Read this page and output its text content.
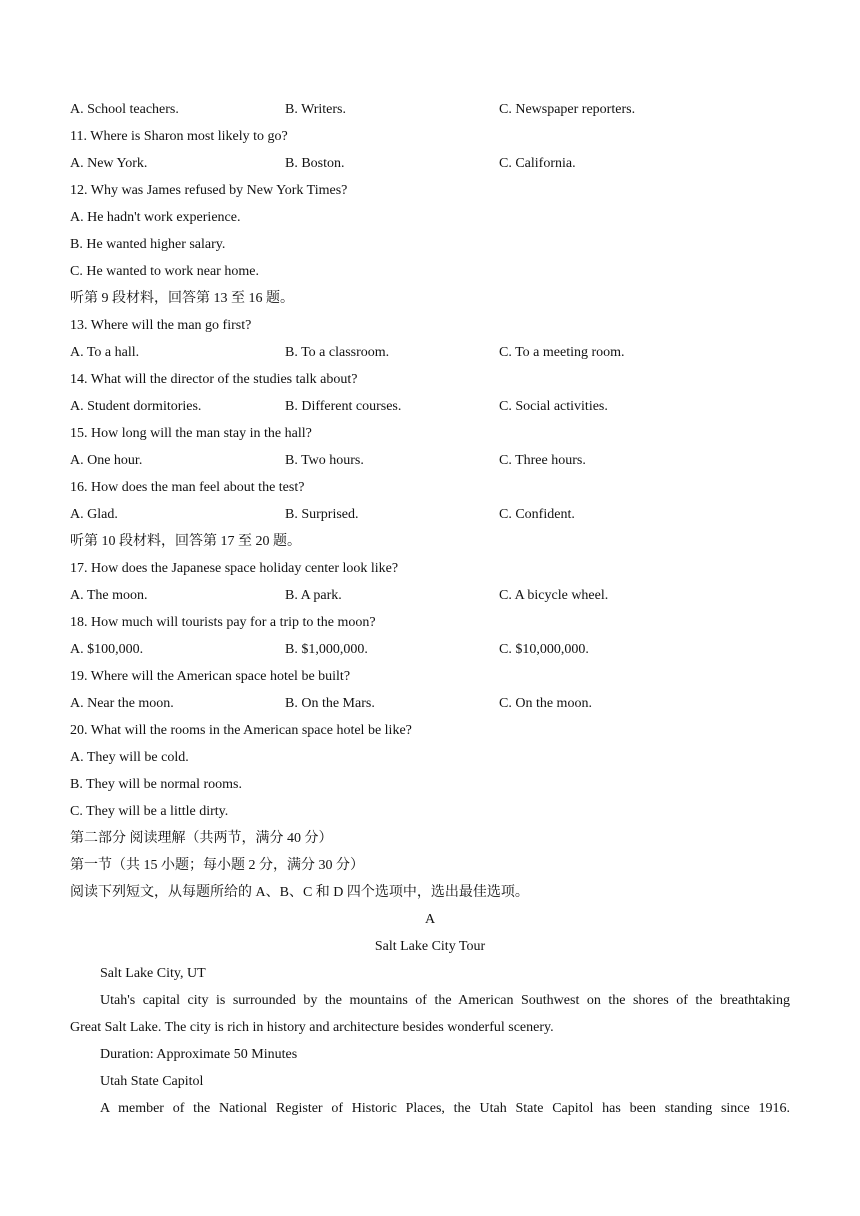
A. School teachers.	B. Writers.	C. Newspaper reporters.
11. Where is Sharon most likely to go?
A. New York.	B. Boston.	C. California.
12. Why was James refused by New York Times?
A. He hadn't work experience.
B. He wanted higher salary.
C. He wanted to work near home.
听第 9 段材料，回答第 13 至 16 题。
13. Where will the man go first?
A. To a hall.	B. To a classroom.	C. To a meeting room.
14. What will the director of the studies talk about?
A. Student dormitories.	B. Different courses.	C. Social activities.
15. How long will the man stay in the hall?
A. One hour.	B. Two hours.	C. Three hours.
16. How does the man feel about the test?
A. Glad.	B. Surprised.	C. Confident.
听第 10 段材料，回答第 17 至 20 题。
17. How does the Japanese space holiday center look like?
A. The moon.	B. A park.	C. A bicycle wheel.
18. How much will tourists pay for a trip to the moon?
A. $100,000.	B. $1,000,000.	C. $10,000,000.
19. Where will the American space hotel be built?
A. Near the moon.	B. On the Mars.	C. On the moon.
20. What will the rooms in the American space hotel be like?
A. They will be cold.
B. They will be normal rooms.
C. They will be a little dirty.
第二部分 阅读理解（共两节，满分 40 分）
第一节（共 15 小题；每小题 2 分，满分 30 分）
阅读下列短文，从每题所给的 A、B、C 和 D 四个选项中，选出最佳选项。
A
Salt Lake City Tour
Salt Lake City, UT
Utah's capital city is surrounded by the mountains of the American Southwest on the shores of the breathtaking
Great Salt Lake. The city is rich in history and architecture besides wonderful scenery.
Duration: Approximate 50 Minutes
Utah State Capitol
A member of the National Register of Historic Places, the Utah State Capitol has been standing since 1916.
